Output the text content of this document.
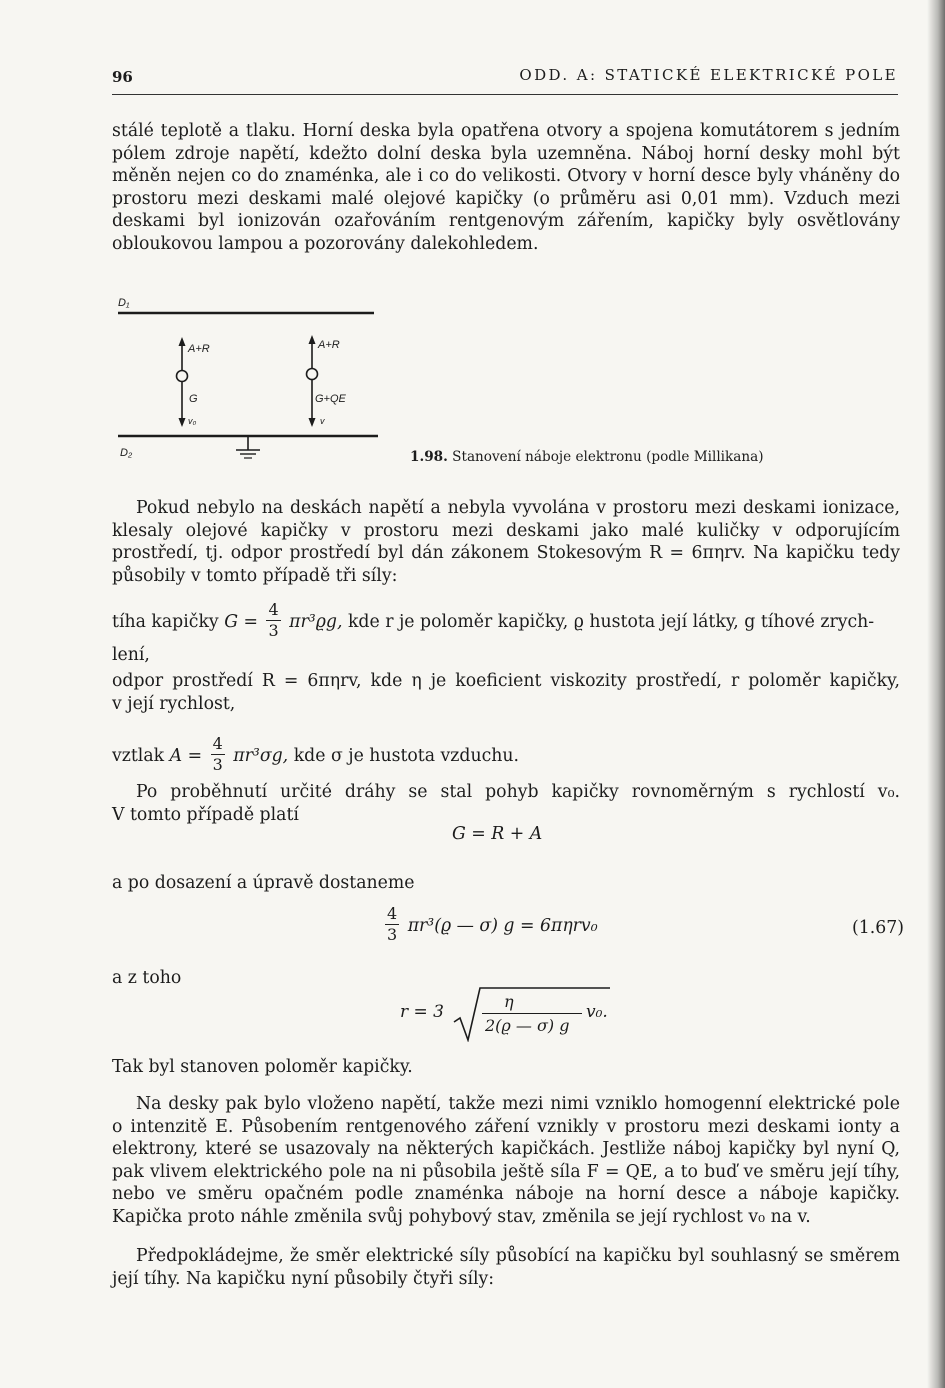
96	ODD. A: STATICKÉ ELEKTRICKÉ POLE

stálé teplotě a tlaku. Horní deska byla opatřena otvory a spojena komutátorem s jedním pólem zdroje napětí, kdežto dolní deska byla uzemněna. Náboj horní desky mohl být měněn nejen co do znaménka, ale i co do velikosti. Otvory v horní desce byly vháněny do prostoru mezi deskami malé olejové kapičky (o průměru asi 0,01 mm). Vzduch mezi deskami byl ionizován ozařováním rentgenovým zářením, kapičky byly osvětlovány obloukovou lampou a pozorovány dalekohledem.

D₁
D₂
A+R
G
v₀
A+R
G+QE
v
1.98. Stanovení náboje elektronu (podle Millikana)

Pokud nebylo na deskách napětí a nebyla vyvolána v prostoru mezi deskami ionizace, klesaly olejové kapičky v prostoru mezi deskami jako malé kuličky v odporujícím prostředí, tj. odpor prostředí byl dán zákonem Stokesovým R = 6πηrv. Na kapičku tedy působily v tomto případě tři síly:

tíha kapičky $G = \frac{4}{3} \pi r^3ϱg$, kde r je poloměr kapičky, ϱ hustota její látky, g tíhové zrych-
lení,
odpor prostředí R = 6πηrv, kde η je koeficient viskozity prostředí, r poloměr kapičky,
v její rychlost,
vztlak $A = \frac{4}{3} \pi r^3\sigma g$, kde σ je hustota vzduchu.
Po proběhnutí určité dráhy se stal pohyb kapičky rovnoměrným s rychlostí v₀.
V tomto případě platí
G = R + A
a po dosazení a úpravě dostaneme
$\frac{4}{3} \pi r^3(ϱ$ — σ) g = 6πηrv₀	(1.67)
a z toho
r = 3
η
2(ϱ — σ) g
v₀.
Tak byl stanoven poloměr kapičky.

Na desky pak bylo vloženo napětí, takže mezi nimi vzniklo homogenní elektrické pole o intenzitě E. Působením rentgenového záření vznikly v prostoru mezi deskami ionty a elektrony, které se usazovaly na některých kapičkách. Jestliže náboj kapičky byl nyní Q, pak vlivem elektrického pole na ni působila ještě síla F = QE, a to buď ve směru její tíhy, nebo ve směru opačném podle znaménka náboje na horní desce a náboje kapičky. Kapička proto náhle změnila svůj pohybový stav, změnila se její rychlost v₀ na v.

Předpokládejme, že směr elektrické síly působící na kapičku byl souhlasný se směrem její tíhy. Na kapičku nyní působily čtyři síly:
